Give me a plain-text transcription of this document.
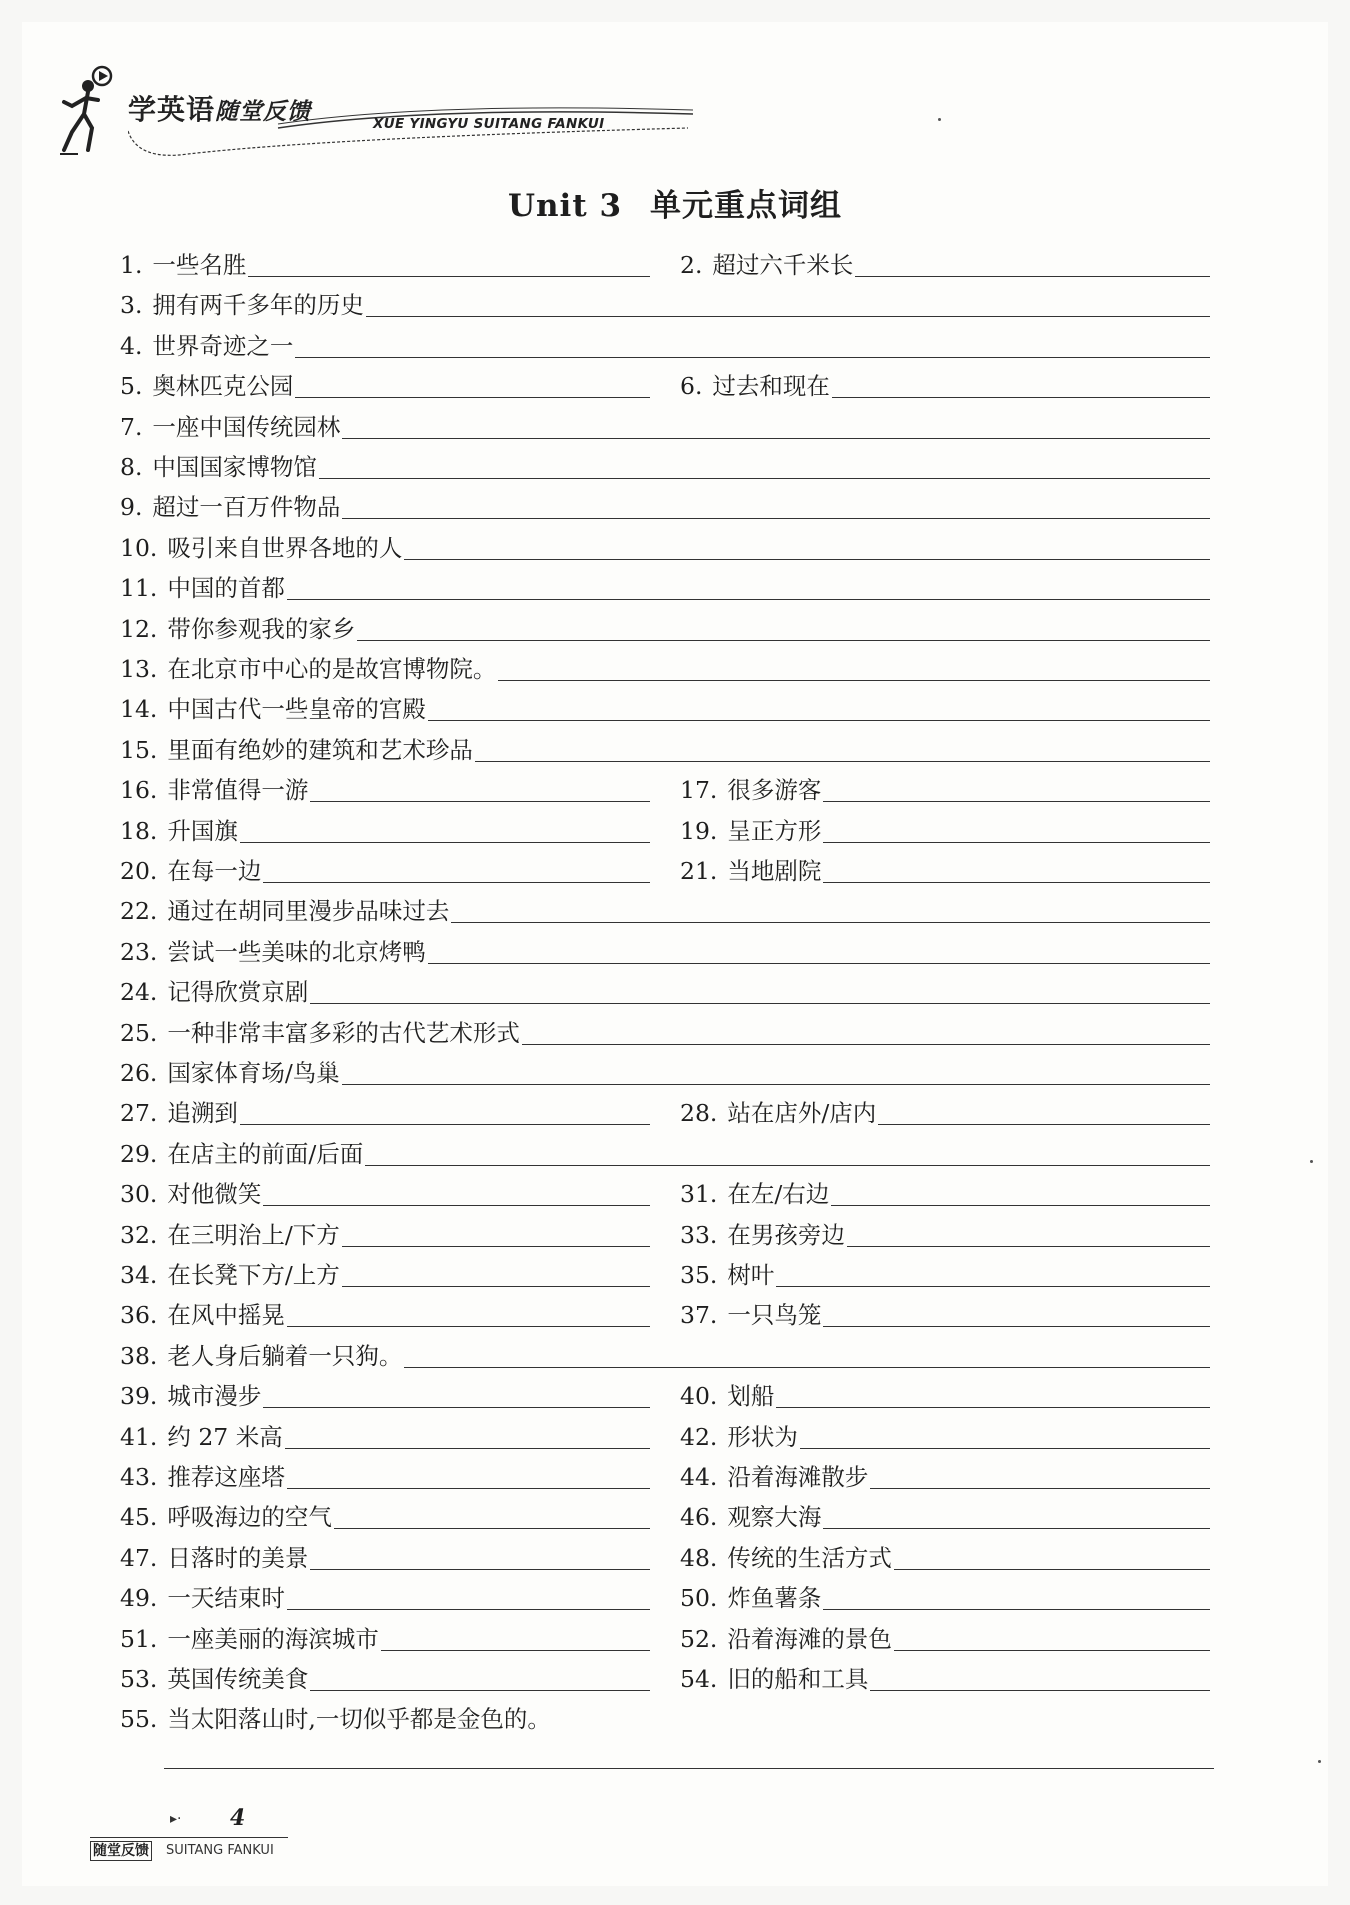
学英语随堂反馈	XUE YINGYU SUITANG FANKUI
Unit 3 单元重点词组
1. 一些名胜	2. 超过六千米长
3. 拥有两千多年的历史
4. 世界奇迹之一
5. 奥林匹克公园	6. 过去和现在
7. 一座中国传统园林
8. 中国国家博物馆
9. 超过一百万件物品
10. 吸引来自世界各地的人
11. 中国的首都
12. 带你参观我的家乡
13. 在北京市中心的是故宫博物院。
14. 中国古代一些皇帝的宫殿
15. 里面有绝妙的建筑和艺术珍品
16. 非常值得一游	17. 很多游客
18. 升国旗	19. 呈正方形
20. 在每一边	21. 当地剧院
22. 通过在胡同里漫步品味过去
23. 尝试一些美味的北京烤鸭
24. 记得欣赏京剧
25. 一种非常丰富多彩的古代艺术形式
26. 国家体育场/鸟巢
27. 追溯到	28. 站在店外/店内
29. 在店主的前面/后面
30. 对他微笑	31. 在左/右边
32. 在三明治上/下方	33. 在男孩旁边
34. 在长凳下方/上方	35. 树叶
36. 在风中摇晃	37. 一只鸟笼
38. 老人身后躺着一只狗。
39. 城市漫步	40. 划船
41. 约 27 米高	42. 形状为
43. 推荐这座塔	44. 沿着海滩散步
45. 呼吸海边的空气	46. 观察大海
47. 日落时的美景	48. 传统的生活方式
49. 一天结束时	50. 炸鱼薯条
51. 一座美丽的海滨城市	52. 沿着海滩的景色
53. 英国传统美食	54. 旧的船和工具
55. 当太阳落山时,一切似乎都是金色的。
▸· 4
随堂反馈 SUITANG FANKUI
